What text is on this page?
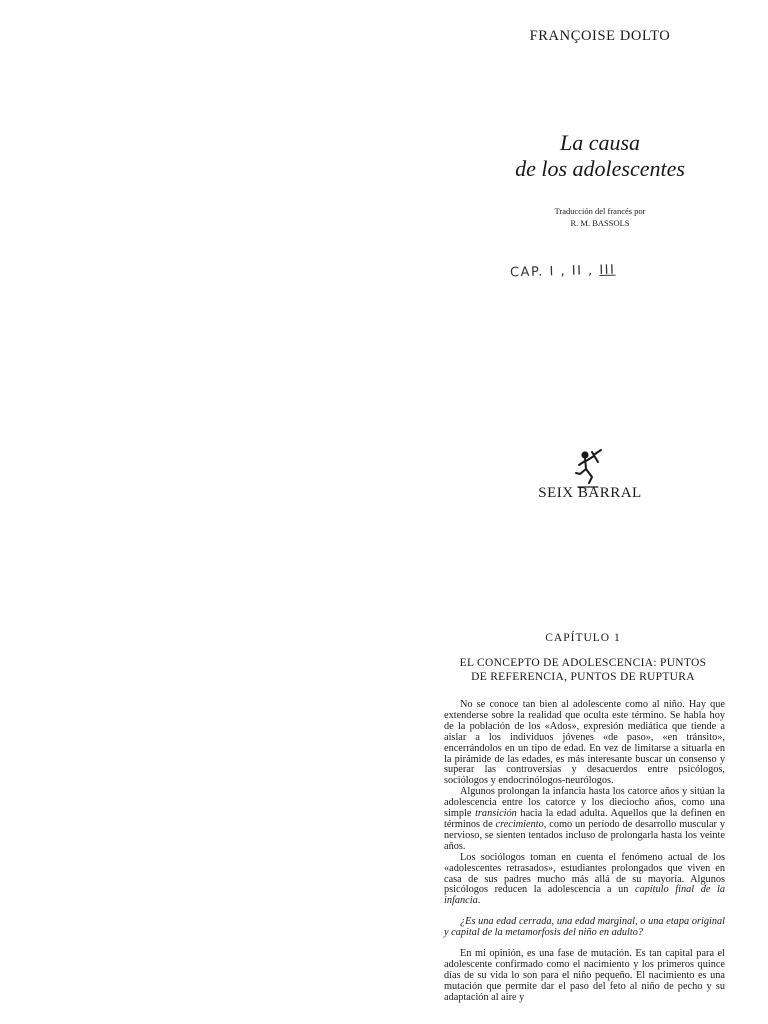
FRANÇOISE DOLTO
La causa
de los adolescentes
Traducción del francés por
R. M. BASSOLS
CAP. I , II , III
SEIX BARRAL
CAPÍTULO 1
EL CONCEPTO DE ADOLESCENCIA: PUNTOS
DE REFERENCIA, PUNTOS DE RUPTURA

No se conoce tan bien al adolescente como al niño. Hay que extenderse sobre la realidad que oculta este término. Se habla hoy de la población de los «Ados», expresión mediática que tiende a aislar a los individuos jóvenes «de paso», «en tránsito», encerrándolos en un tipo de edad. En vez de limitarse a situarla en la pirámide de las edades, es más interesante buscar un consenso y superar las controversias y desacuerdos entre psicólogos, sociólogos y endocrinólogos-neurólogos.

Algunos prolongan la infancia hasta los catorce años y sitúan la adolescencia entre los catorce y los dieciocho años, como una simple transición hacia la edad adulta. Aquellos que la definen en términos de crecimiento, como un período de desarrollo muscular y nervioso, se sienten tentados incluso de prolongarla hasta los veinte años.

Los sociólogos toman en cuenta el fenómeno actual de los «adolescentes retrasados», estudiantes prolongados que viven en casa de sus padres mucho más allá de su mayoría. Algunos psicólogos reducen la adolescencia a un capítulo final de la infancia.

¿Es una edad cerrada, una edad marginal, o una etapa original y capital de la metamorfosis del niño en adulto?

En mi opinión, es una fase de mutación. Es tan capital para el adolescente confirmado como el nacimiento y los primeros quince días de su vida lo son para el niño pequeño. El nacimiento es una mutación que permite dar el paso del feto al niño de pecho y su adaptación al aire y
